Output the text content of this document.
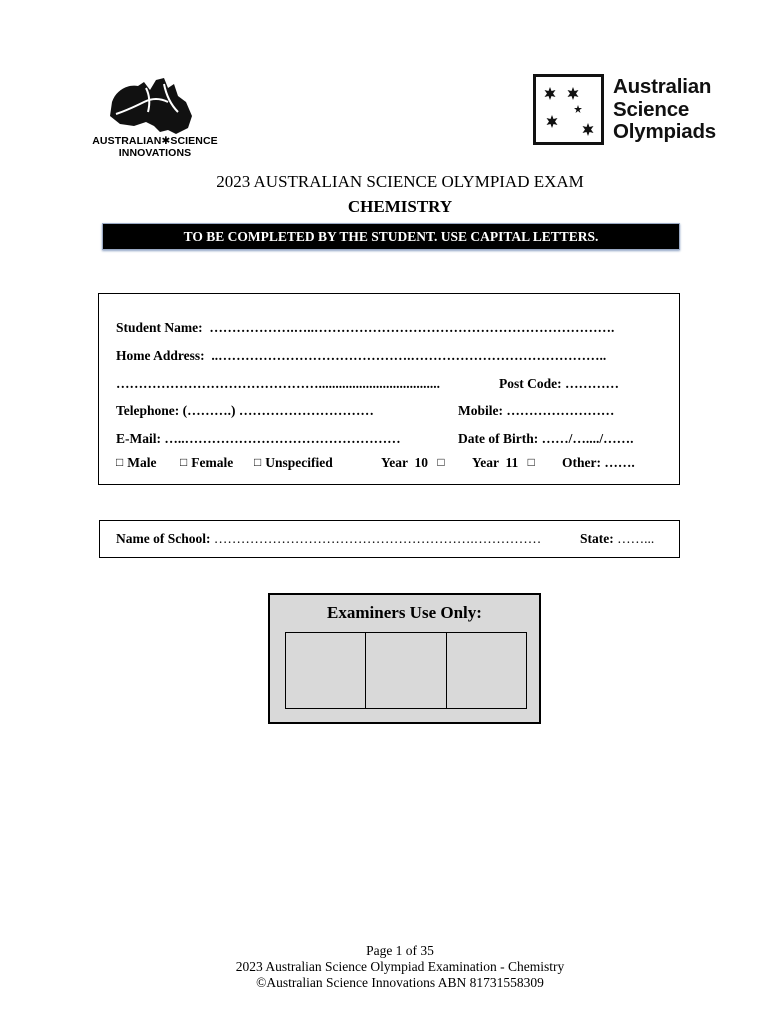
AUSTRALIAN✱SCIENCE
INNOVATIONS
Australian
Science
Olympiads
2023 AUSTRALIAN SCIENCE OLYMPIAD EXAM
CHEMISTRY
TO BE COMPLETED BY THE STUDENT. USE CAPITAL LETTERS.
Student Name: ……………….…..………………………………………………………….
Home Address: ..…………………………………….……………………………………..
………………………………………....................................	Post Code: …………
Telephone: (……….) …………………………	Mobile: ……………………
E-Mail: …..…………………………………………	Date of Birth: ……/…..../…….
□ Male □ Female □ Unspecified	Year  10 □ Year  11 □ Other: …….
Name of School: ………………………………………………….……………	State: ……...
Examiners Use Only:
Page 1 of 35
2023 Australian Science Olympiad Examination - Chemistry
©Australian Science Innovations ABN 81731558309
